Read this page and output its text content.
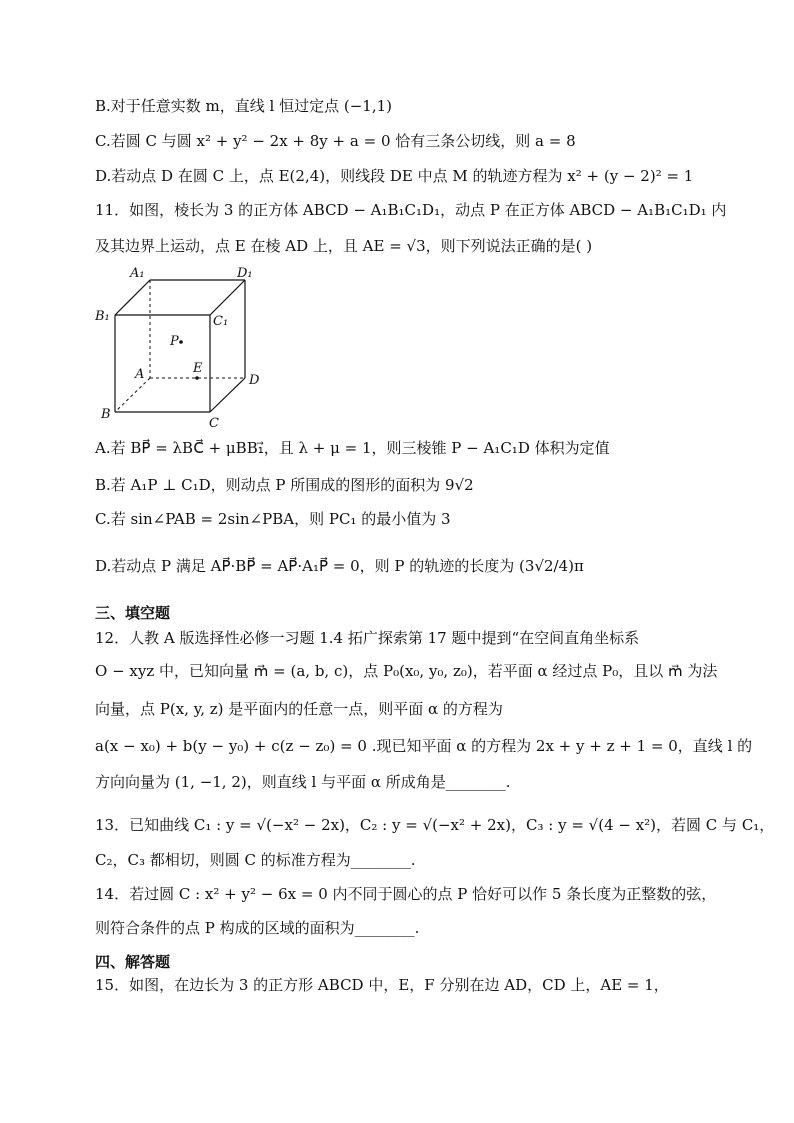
B.对于任意实数 m，直线 l 恒过定点 (−1,1)
C.若圆 C 与圆 x² + y² − 2x + 8y + a = 0 恰有三条公切线，则 a = 8
D.若动点 D 在圆 C 上，点 E(2,4)，则线段 DE 中点 M 的轨迹方程为 x² + (y − 2)² = 1
11．如图，棱长为 3 的正方体 ABCD − A₁B₁C₁D₁，动点 P 在正方体 ABCD − A₁B₁C₁D₁ 内
及其边界上运动，点 E 在棱 AD 上，且 AE = √3，则下列说法正确的是( )
A₁	D₁
B₁	C₁
P
E
A	D
B
C
A.若 BP⃗ = λBC⃗ + μBB₁⃗，且 λ + μ = 1，则三棱锥 P − A₁C₁D 体积为定值
B.若 A₁P ⊥ C₁D，则动点 P 所围成的图形的面积为 9√2
C.若 sin∠PAB = 2sin∠PBA，则 PC₁ 的最小值为 3
D.若动点 P 满足 AP⃗·BP⃗ = AP⃗·A₁P⃗ = 0，则 P 的轨迹的长度为 (3√2/4)π
三、填空题
12．人教 A 版选择性必修一习题 1.4 拓广探索第 17 题中提到“在空间直角坐标系
O − xyz 中，已知向量 m⃗ = (a, b, c)，点 P₀(x₀, y₀, z₀)，若平面 α 经过点 P₀，且以 m⃗ 为法
向量，点 P(x, y, z) 是平面内的任意一点，则平面 α 的方程为
a(x − x₀) + b(y − y₀) + c(z − z₀) = 0 .现已知平面 α 的方程为 2x + y + z + 1 = 0，直线 l 的
方向向量为 (1, −1, 2)，则直线 l 与平面 α 所成角是________.
13．已知曲线 C₁ : y = √(−x² − 2x)，C₂ : y = √(−x² + 2x)，C₃ : y = √(4 − x²)，若圆 C 与 C₁，
C₂，C₃ 都相切，则圆 C 的标准方程为________.
14．若过圆 C : x² + y² − 6x = 0 内不同于圆心的点 P 恰好可以作 5 条长度为正整数的弦，
则符合条件的点 P 构成的区域的面积为________.
四、解答题
15．如图，在边长为 3 的正方形 ABCD 中，E，F 分别在边 AD，CD 上，AE = 1，
